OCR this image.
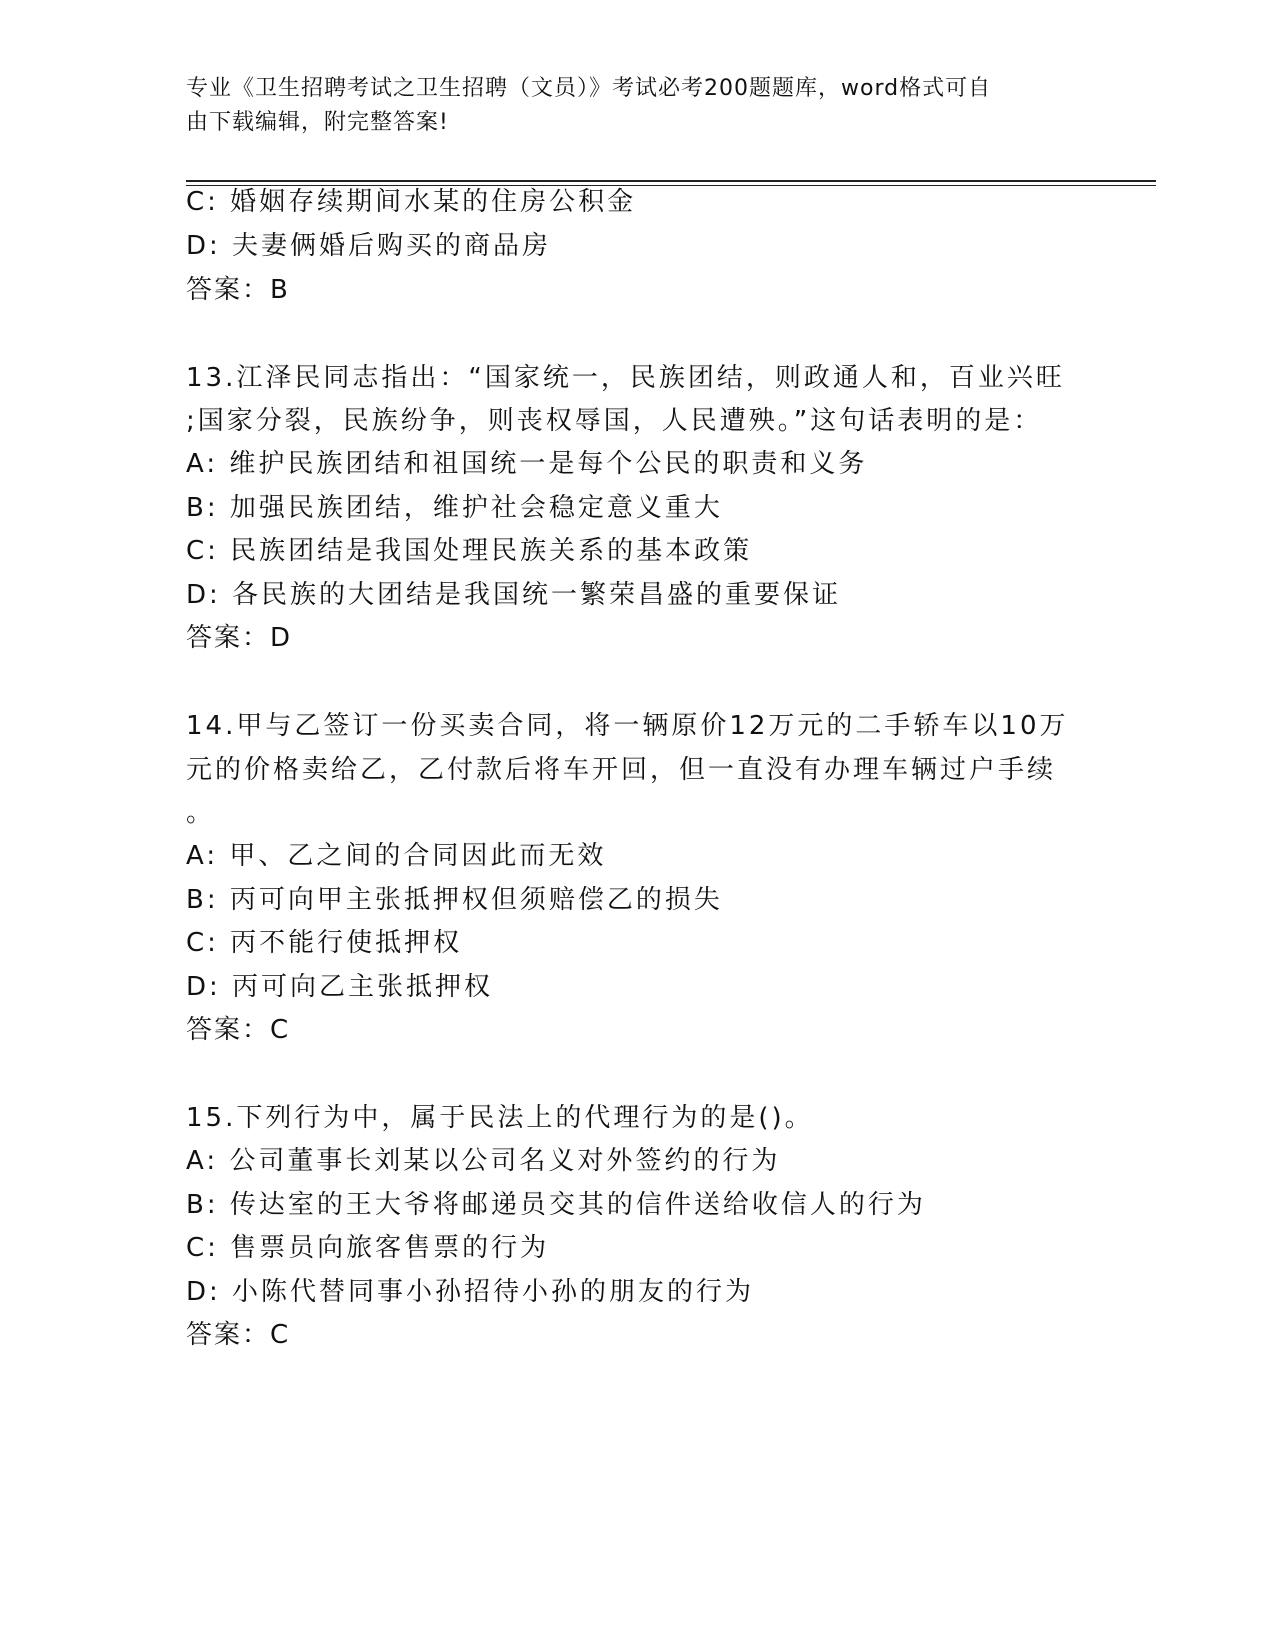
专业《卫生招聘考试之卫生招聘（文员）》考试必考200题题库，word格式可自
由下载编辑，附完整答案!
C: 婚姻存续期间水某的住房公积金
D: 夫妻俩婚后购买的商品房
答案：B
13.江泽民同志指出：“国家统一，民族团结，则政通人和，百业兴旺
;国家分裂，民族纷争，则丧权辱国，人民遭殃。”这句话表明的是：
A: 维护民族团结和祖国统一是每个公民的职责和义务
B: 加强民族团结，维护社会稳定意义重大
C: 民族团结是我国处理民族关系的基本政策
D: 各民族的大团结是我国统一繁荣昌盛的重要保证
答案：D
14.甲与乙签订一份买卖合同，将一辆原价12万元的二手轿车以10万
元的价格卖给乙，乙付款后将车开回，但一直没有办理车辆过户手续
。
A: 甲、乙之间的合同因此而无效
B: 丙可向甲主张抵押权但须赔偿乙的损失
C: 丙不能行使抵押权
D: 丙可向乙主张抵押权
答案：C
15.下列行为中，属于民法上的代理行为的是()。
A: 公司董事长刘某以公司名义对外签约的行为
B: 传达室的王大爷将邮递员交其的信件送给收信人的行为
C: 售票员向旅客售票的行为
D: 小陈代替同事小孙招待小孙的朋友的行为
答案：C
